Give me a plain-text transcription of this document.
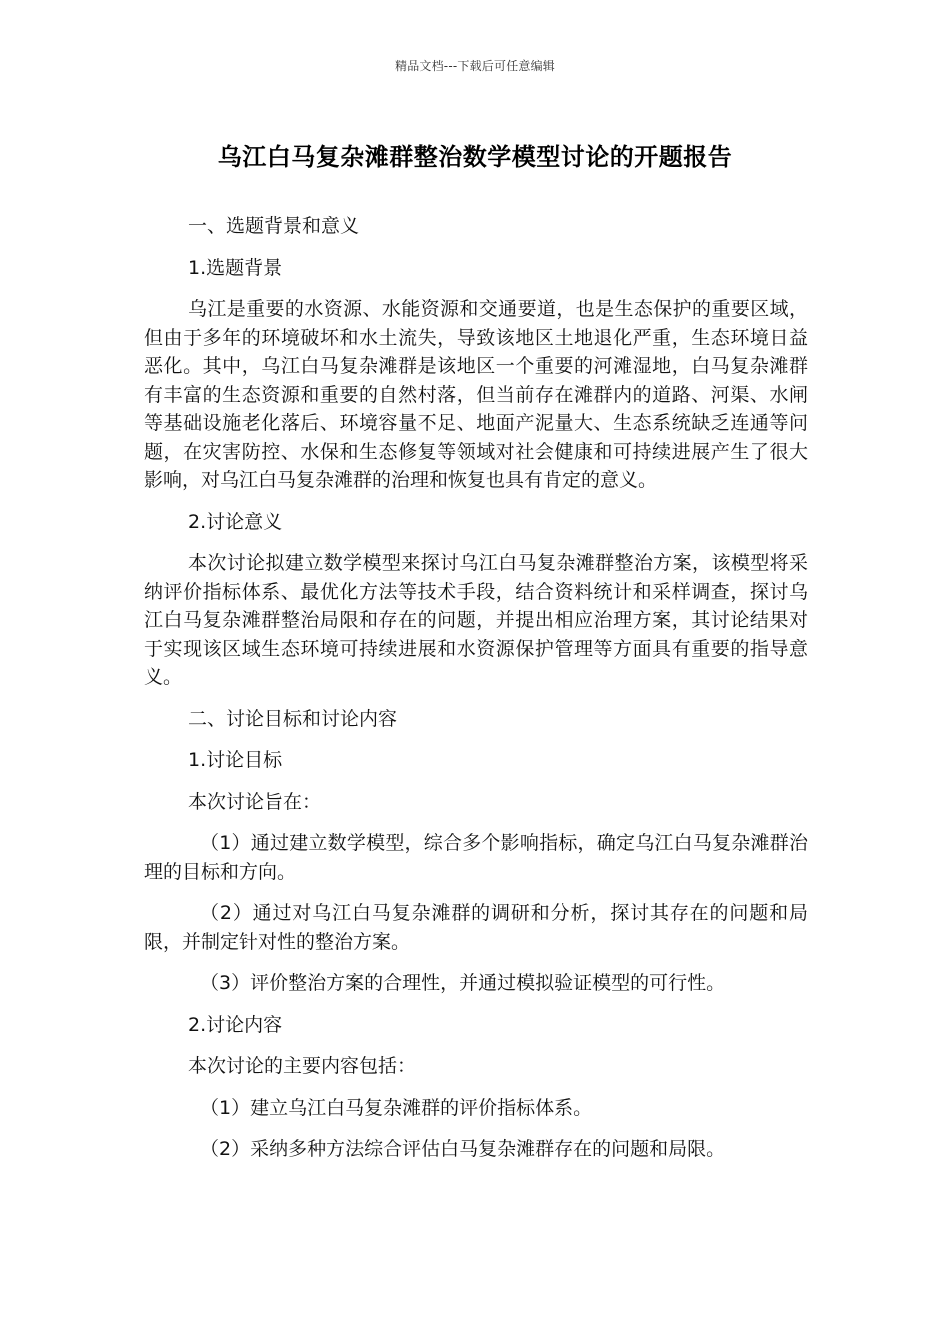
精品文档---下载后可任意编辑
乌江白马复杂滩群整治数学模型讨论的开题报告

一、选题背景和意义

1.选题背景

乌江是重要的水资源、水能资源和交通要道，也是生态保护的重要区域，但由于多年的环境破坏和水土流失，导致该地区土地退化严重，生态环境日益恶化。其中，乌江白马复杂滩群是该地区一个重要的河滩湿地，白马复杂滩群有丰富的生态资源和重要的自然村落，但当前存在滩群内的道路、河渠、水闸等基础设施老化落后、环境容量不足、地面产泥量大、生态系统缺乏连通等问题，在灾害防控、水保和生态修复等领域对社会健康和可持续进展产生了很大影响，对乌江白马复杂滩群的治理和恢复也具有肯定的意义。

2.讨论意义

本次讨论拟建立数学模型来探讨乌江白马复杂滩群整治方案，该模型将采纳评价指标体系、最优化方法等技术手段，结合资料统计和采样调查，探讨乌江白马复杂滩群整治局限和存在的问题，并提出相应治理方案，其讨论结果对于实现该区域生态环境可持续进展和水资源保护管理等方面具有重要的指导意义。

二、讨论目标和讨论内容

1.讨论目标

本次讨论旨在：

（1）通过建立数学模型，综合多个影响指标，确定乌江白马复杂滩群治理的目标和方向。

（2）通过对乌江白马复杂滩群的调研和分析，探讨其存在的问题和局限，并制定针对性的整治方案。

（3）评价整治方案的合理性，并通过模拟验证模型的可行性。

2.讨论内容

本次讨论的主要内容包括：

（1）建立乌江白马复杂滩群的评价指标体系。

（2）采纳多种方法综合评估白马复杂滩群存在的问题和局限。
